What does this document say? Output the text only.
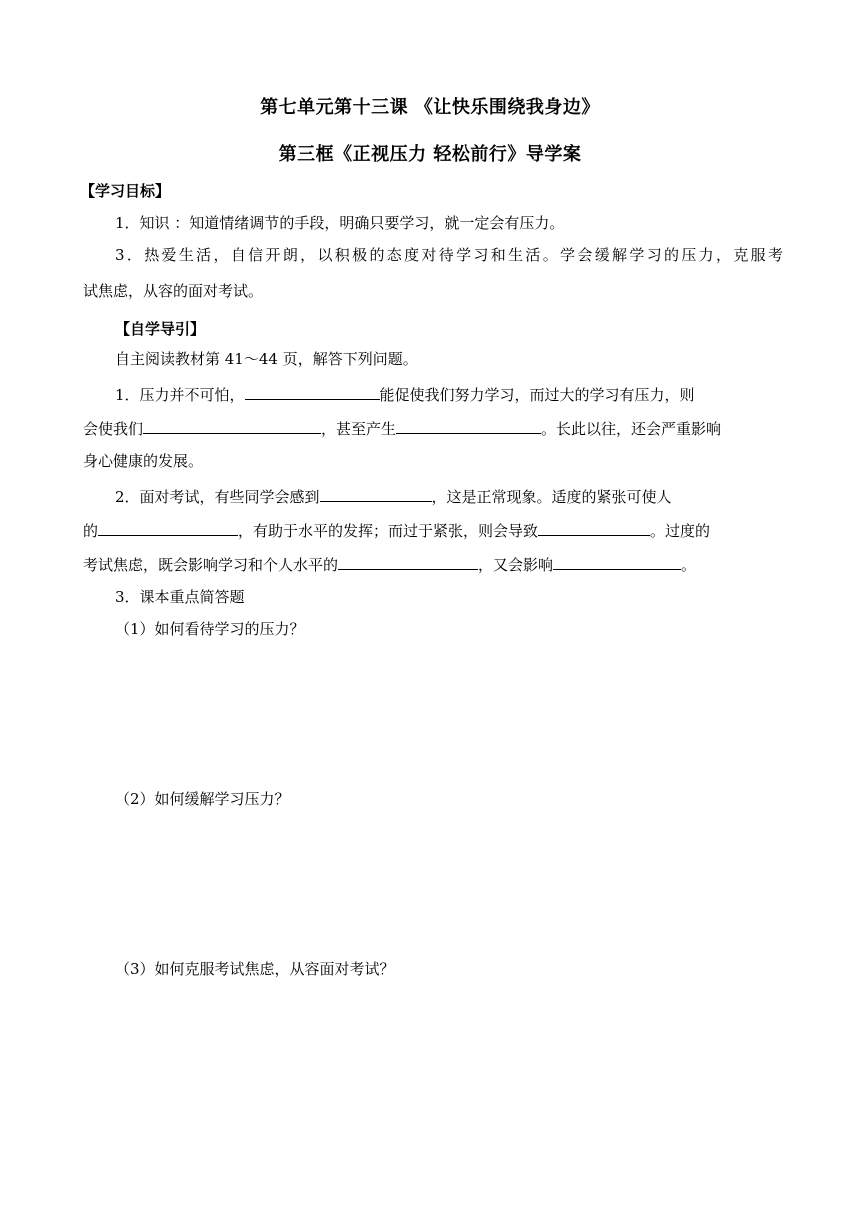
第七单元第十三课 《让快乐围绕我身边》
第三框《正视压力 轻松前行》导学案
【学习目标】
1．知识 ：知道情绪调节的手段，明确只要学习，就一定会有压力。
3．热爱生活，自信开朗，以积极的态度对待学习和生活。学会缓解学习的压力，克服考
试焦虑，从容的面对考试。
【自学导引】
自主阅读教材第 41～44 页，解答下列问题。
1．压力并不可怕，	能促使我们努力学习，而过大的学习有压力，则
会使我们	，甚至产生	。长此以往，还会严重影响
身心健康的发展。
2．面对考试，有些同学会感到	，这是正常现象。适度的紧张可使人
的	，有助于水平的发挥；而过于紧张，则会导致	。过度的
考试焦虑，既会影响学习和个人水平的	，又会影响	。
3．课本重点简答题
（1）如何看待学习的压力？
（2）如何缓解学习压力？
（3）如何克服考试焦虑，从容面对考试？
